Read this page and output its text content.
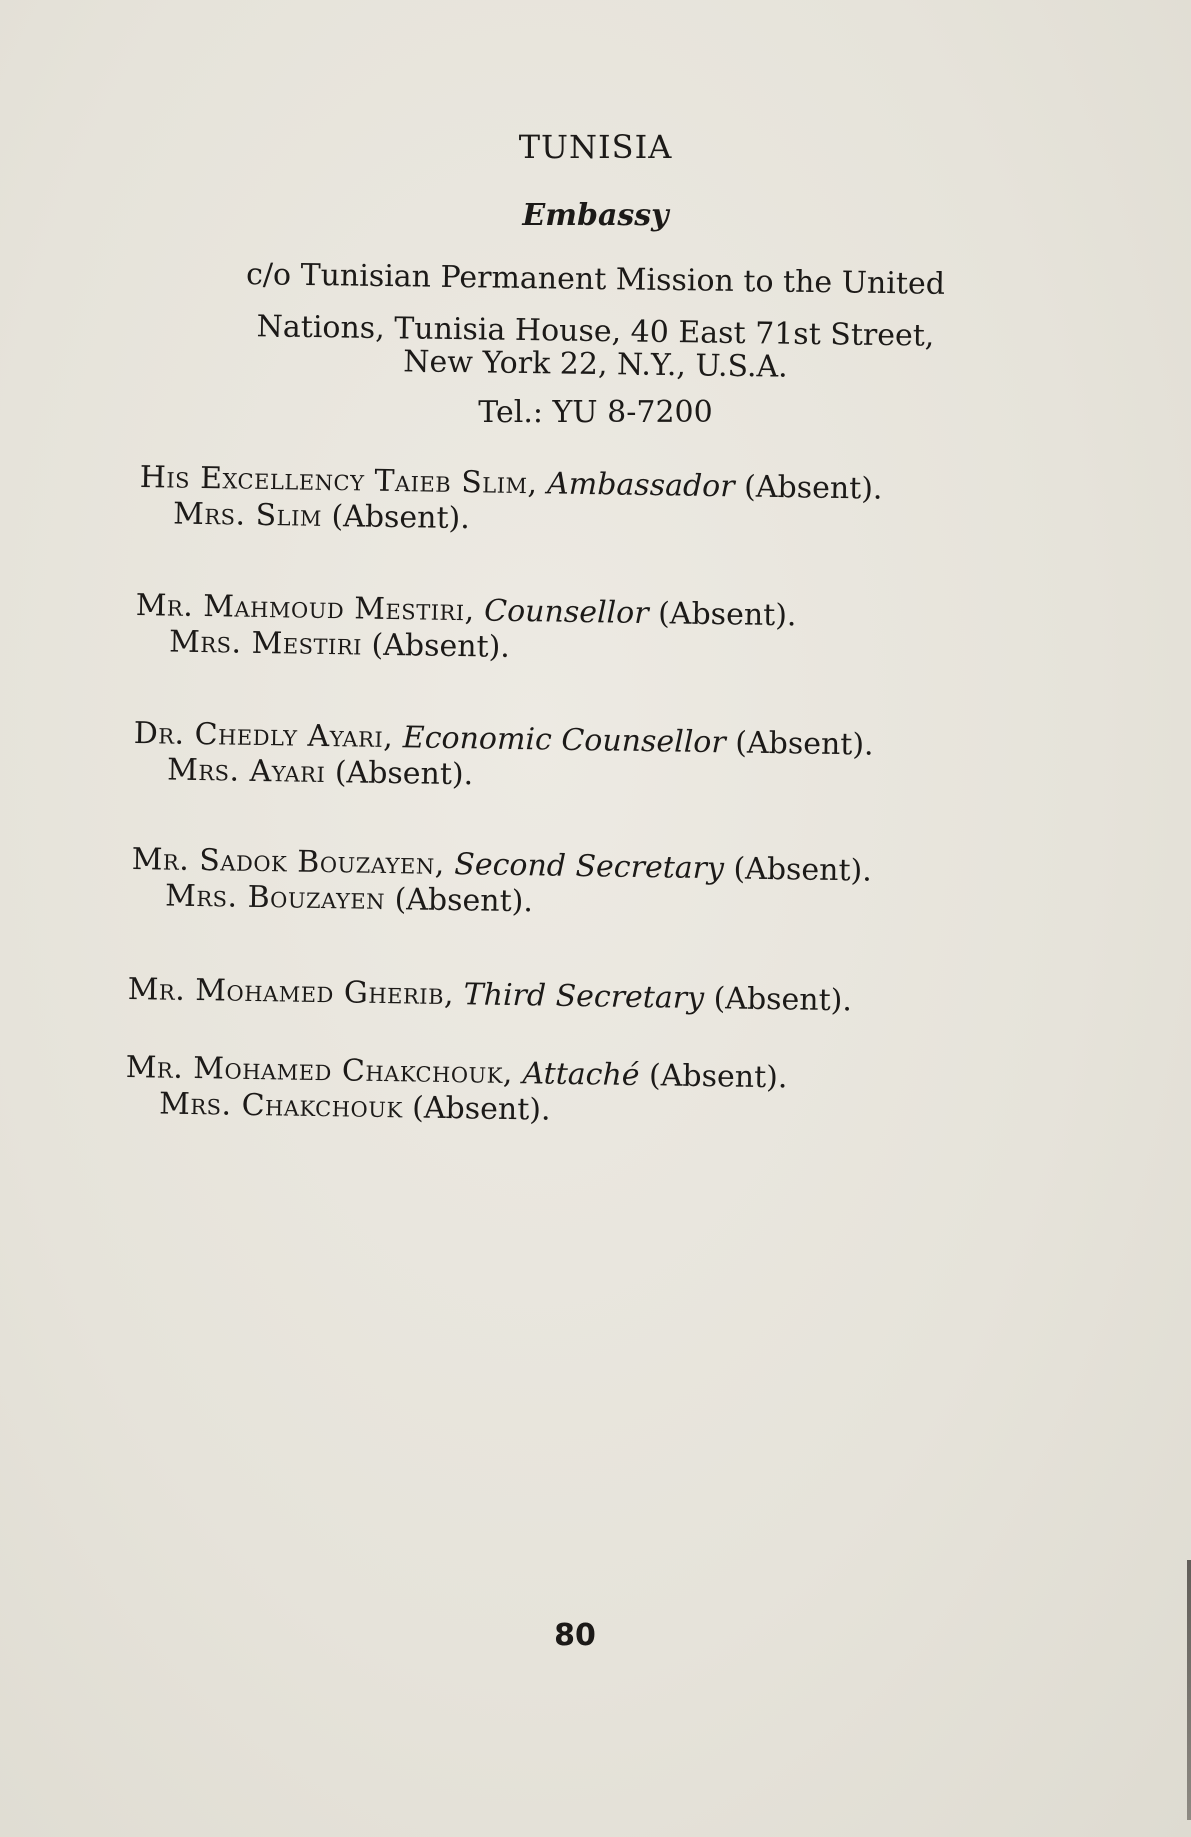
TUNISIA
Embassy
c/o Tunisian Permanent Mission to the United
Nations, Tunisia House, 40 East 71st Street,
New York 22, N.Y., U.S.A.
Tel.: YU 8-7200
His Excellency Taieb Slim, Ambassador (Absent).
Mrs. Slim (Absent).
Mr. Mahmoud Mestiri, Counsellor (Absent).
Mrs. Mestiri (Absent).
Dr. Chedly Ayari, Economic Counsellor (Absent).
Mrs. Ayari (Absent).
Mr. Sadok Bouzayen, Second Secretary (Absent).
Mrs. Bouzayen (Absent).
Mr. Mohamed Gherib, Third Secretary (Absent).
Mr. Mohamed Chakchouk, Attaché (Absent).
Mrs. Chakchouk (Absent).
80
